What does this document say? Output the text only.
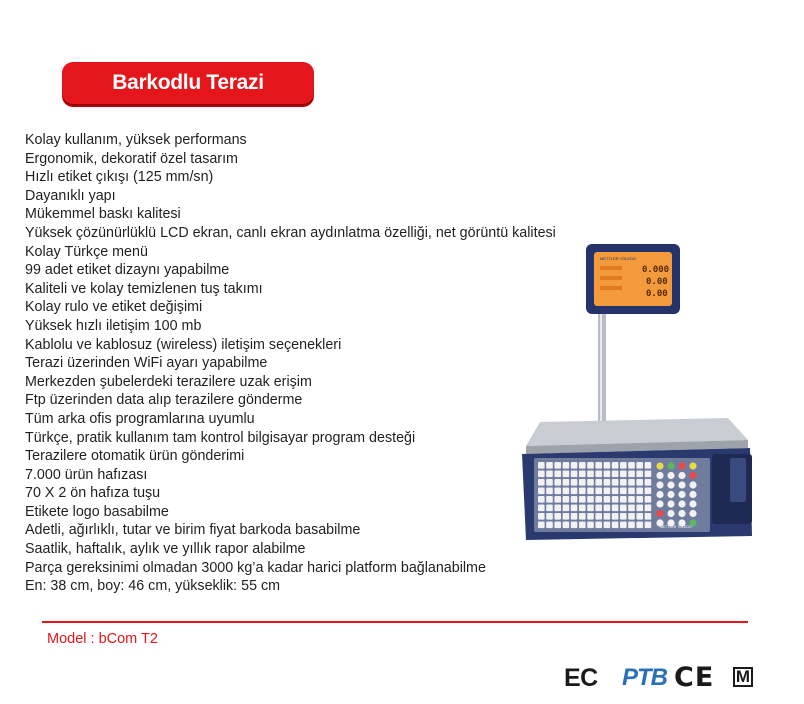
Barkodlu Terazi
Kolay kullanım, yüksek performans
Ergonomik, dekoratif özel tasarım
Hızlı etiket çıkışı (125 mm/sn)
Dayanıklı yapı
Mükemmel baskı kalitesi
Yüksek çözünürlüklü LCD ekran, canlı ekran aydınlatma özelliği, net görüntü kalitesi
Kolay Türkçe menü
99 adet etiket dizaynı yapabilme
Kaliteli ve kolay temizlenen tuş takımı
Kolay rulo ve etiket değişimi
Yüksek hızlı iletişim 100 mb
Kablolu ve kablosuz (wireless) iletişim seçenekleri
Terazi üzerinden WiFi ayarı yapabilme
Merkezden şubelerdeki terazilere uzak erişim
Ftp üzerinden data alıp terazilere gönderme
Tüm arka ofis programlarına uyumlu
Türkçe, pratik kullanım tam kontrol bilgisayar program desteği
Terazilere otomatik ürün gönderimi
7.000 ürün hafızası
70 X 2 ön hafıza tuşu
Etikete logo basabilme
Adetli, ağırlıklı, tutar ve birim fiyat barkoda basabilme
Saatlik, haftalık, aylık ve yıllık rapor alabilme
Parça gereksinimi olmadan 3000 kg’a kadar harici platform bağlanabilme
En: 38 cm, boy: 46 cm, yükseklik: 55 cm
METTLER TOLEDO
0.000
0.00
0.00
METTLER TOLEDO
Model : bCom T2
EC PTB CE M
